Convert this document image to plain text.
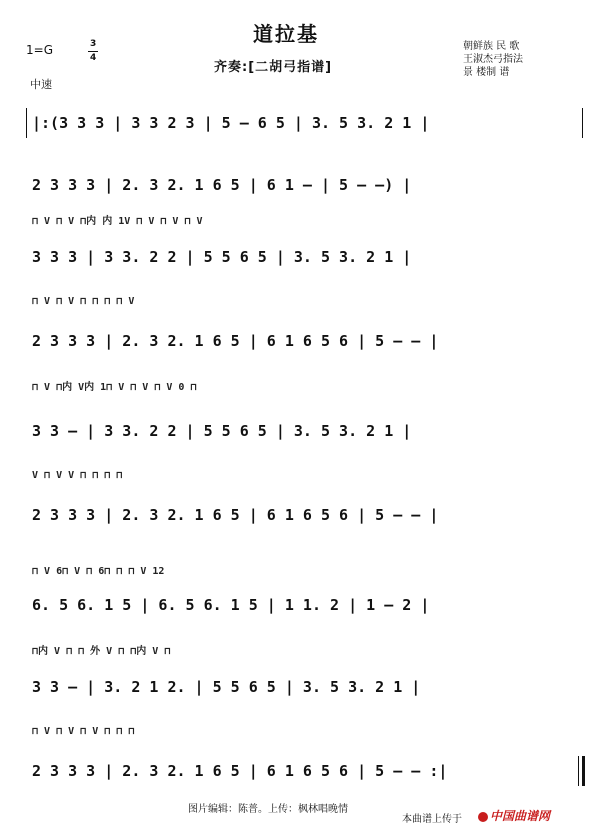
道拉基
1=G	3
4
中速
齐奏:[二胡弓指谱]
朝鲜族 民 歌
王淑杰弓指法
景 楼制 谱
|:(3 3 3 | 3 3 2 3 | 5 – 6 5 | 3. 5 3. 2 1 |
2 3 3 3 | 2. 3 2. 1 6 5 | 6 1 – | 5 – –) |
⊓ V ⊓ V ⊓内 内 1V ⊓ V ⊓ V ⊓ V
3 3 3 | 3 3. 2 2 | 5 5 6 5 | 3. 5 3. 2 1 |
⊓ V ⊓ V ⊓ ⊓ ⊓ ⊓ V
2 3 3 3 | 2. 3 2. 1 6 5 | 6 1 6 5 6 | 5 – – |
⊓ V ⊓内 V内 1⊓ V ⊓ V ⊓ V 0 ⊓
3 3 – | 3 3. 2 2 | 5 5 6 5 | 3. 5 3. 2 1 |
V ⊓ V V ⊓ ⊓ ⊓ ⊓
2 3 3 3 | 2. 3 2. 1 6 5 | 6 1 6 5 6 | 5 – – |
⊓ V 6⊓ V ⊓ 6⊓ ⊓ ⊓ V 12
6. 5 6. 1 5 | 6. 5 6. 1 5 | 1 1. 2 | 1 – 2 |
⊓内 V ⊓ ⊓ 外 V ⊓ ⊓内 V ⊓
3 3 – | 3. 2 1 2. | 5 5 6 5 | 3. 5 3. 2 1 |
⊓ V ⊓ V ⊓ V ⊓ ⊓ ⊓
2 3 3 3 | 2. 3 2. 1 6 5 | 6 1 6 5 6 | 5 – – :|
图片编辑：陈普。上传：枫林唱晚情
本曲谱上传于	中国曲谱网
